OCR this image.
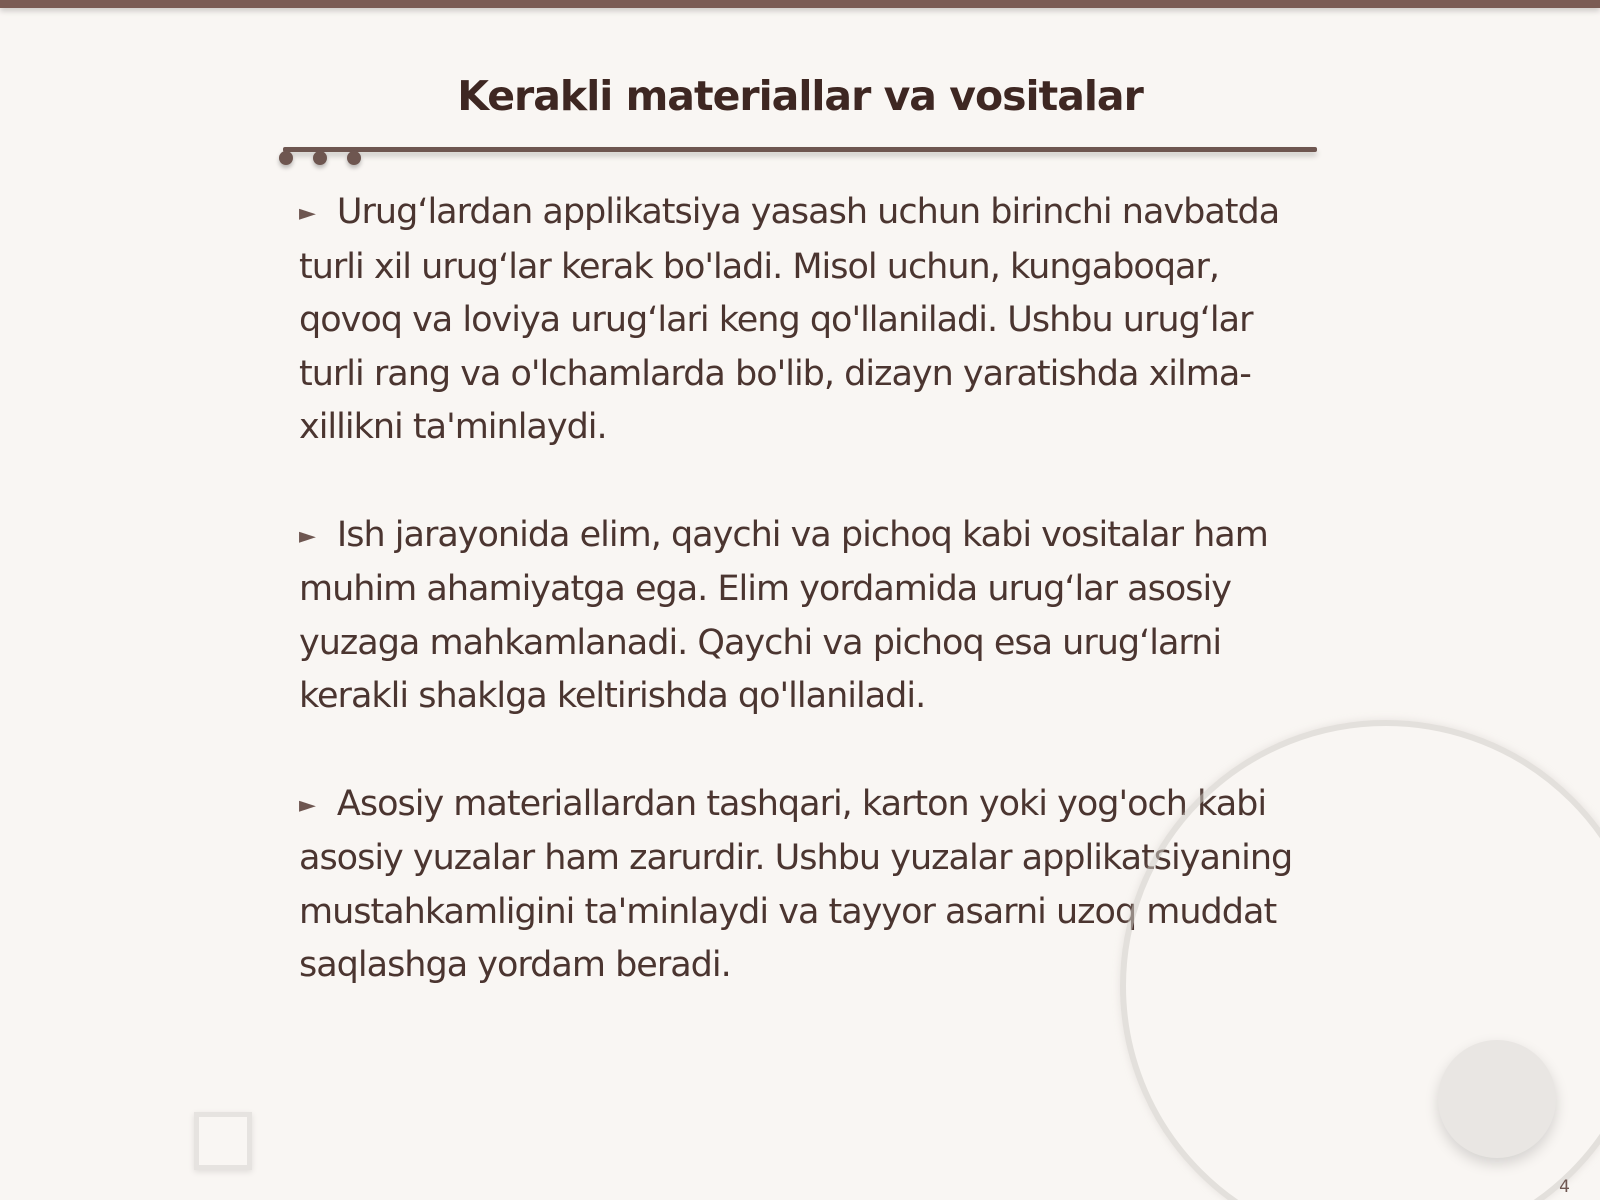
Kerakli materiallar va vositalar

► Urug‘lardan applikatsiya yasash uchun birinchi navbatda turli xil urug‘lar kerak bo'ladi. Misol uchun, kungaboqar, qovoq va loviya urug‘lari keng qo'llaniladi. Ushbu urug‘lar turli rang va o'lchamlarda bo'lib, dizayn yaratishda xilma-xillikni ta'minlaydi.

► Ish jarayonida elim, qaychi va pichoq kabi vositalar ham muhim ahamiyatga ega. Elim yordamida urug‘lar asosiy yuzaga mahkamlanadi. Qaychi va pichoq esa urug‘larni kerakli shaklga keltirishda qo'llaniladi.

► Asosiy materiallardan tashqari, karton yoki yog'och kabi asosiy yuzalar ham zarurdir. Ushbu yuzalar applikatsiyaning mustahkamligini ta'minlaydi va tayyor asarni uzoq muddat saqlashga yordam beradi.

4
